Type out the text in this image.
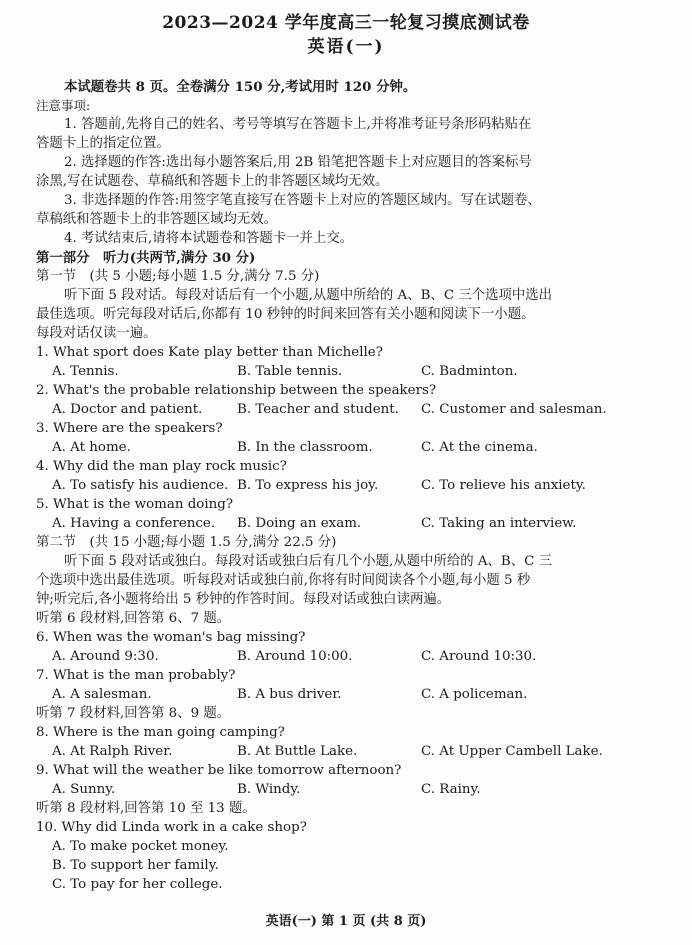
2023—2024 学年度高三一轮复习摸底测试卷
英语(一)
本试题卷共 8 页。全卷满分 150 分,考试用时 120 分钟。
注意事项:
1. 答题前,先将自己的姓名、考号等填写在答题卡上,并将准考证号条形码粘贴在
答题卡上的指定位置。
2. 选择题的作答:选出每小题答案后,用 2B 铅笔把答题卡上对应题目的答案标号
涂黑,写在试题卷、草稿纸和答题卡上的非答题区域均无效。
3. 非选择题的作答:用签字笔直接写在答题卡上对应的答题区域内。写在试题卷、
草稿纸和答题卡上的非答题区域均无效。
4. 考试结束后,请将本试题卷和答题卡一并上交。
第一部分　听力(共两节,满分 30 分)
第一节　(共 5 小题;每小题 1.5 分,满分 7.5 分)
听下面 5 段对话。每段对话后有一个小题,从题中所给的 A、B、C 三个选项中选出
最佳选项。听完每段对话后,你都有 10 秒钟的时间来回答有关小题和阅读下一小题。
每段对话仅读一遍。
1. What sport does Kate play better than Michelle?
A. Tennis.	B. Table tennis.	C. Badminton.
2. What's the probable relationship between the speakers?
A. Doctor and patient.	B. Teacher and student. C. Customer and salesman.
3. Where are the speakers?
A. At home.	B. In the classroom.	C. At the cinema.
4. Why did the man play rock music?
A. To satisfy his audience. B. To express his joy.	C. To relieve his anxiety.
5. What is the woman doing?
A. Having a conference. B. Doing an exam.	C. Taking an interview.
第二节　(共 15 小题;每小题 1.5 分,满分 22.5 分)
听下面 5 段对话或独白。每段对话或独白后有几个小题,从题中所给的 A、B、C 三
个选项中选出最佳选项。听每段对话或独白前,你将有时间阅读各个小题,每小题 5 秒
钟;听完后,各小题将给出 5 秒钟的作答时间。每段对话或独白读两遍。
听第 6 段材料,回答第 6、7 题。
6. When was the woman's bag missing?
A. Around 9:30.	B. Around 10:00.	C. Around 10:30.
7. What is the man probably?
A. A salesman.	B. A bus driver.	C. A policeman.
听第 7 段材料,回答第 8、9 题。
8. Where is the man going camping?
A. At Ralph River.	B. At Buttle Lake.	C. At Upper Cambell Lake.
9. What will the weather be like tomorrow afternoon?
A. Sunny.	B. Windy.	C. Rainy.
听第 8 段材料,回答第 10 至 13 题。
10. Why did Linda work in a cake shop?
A. To make pocket money.
B. To support her family.
C. To pay for her college.
英语(一) 第 1 页 (共 8 页)
